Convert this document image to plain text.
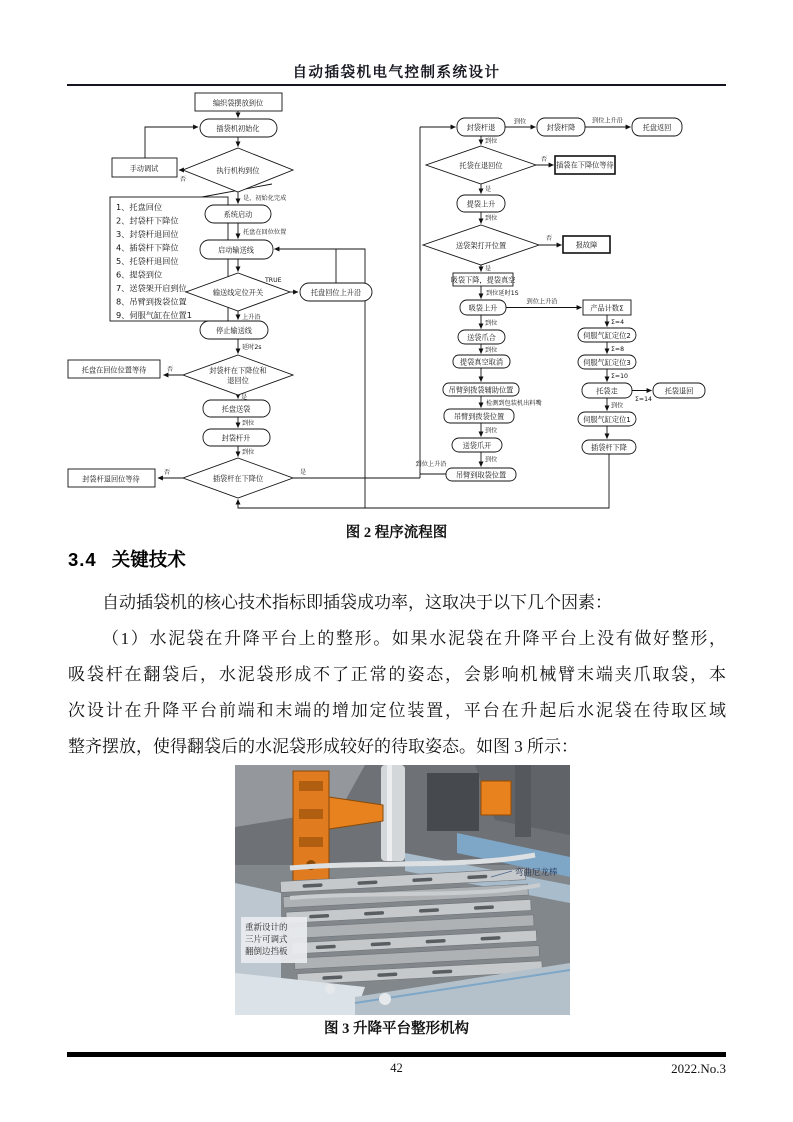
自动插袋机电气控制系统设计
编织袋摆放到位
插袋机初始化
执行机构到位
手动调试
系统启动
启动输送线
输送线定位开关	托盘回位上升沿
停止输送线
封袋杆在下降位和
退回位
托盘在回位位置等待
托盘送袋
封袋杆升
插袋杆在下降位
封袋杆退回位等待
1、托盘回位
2、封袋杆下降位
3、封袋杆退回位
4、插袋杆下降位
5、托袋杆退回位
6、提袋到位
7、送袋架开启到位
8、吊臂到拨袋位置
9、伺服气缸在位置1
封袋杆退	封袋杆降	托盘返回
托袋在退回位	插袋在下降位等待
提袋上升
送袋架打开位置	报故障
吸袋下降，提袋真空
吸袋上升	产品计数Σ
送袋爪合
提袋真空取消
吊臂到拨袋辅助位置
吊臂到拨袋位置
送袋爪开
吊臂到取袋位置
伺服气缸定位2
伺服气缸定位3
托袋走	托袋退回
伺服气缸定位1
插袋杆下降
否
是，初始化完成
托盘在回位位置
TRUE
上升沿
延时2s
否
是
到位
到位
否	是
到位上升沿
到位	到位上升沿
到位
否
是
到位
否
是
到位延时1S
到位上升沿
到位
到位
检测到包装机出料嘴
到位
到位
Σ=4
Σ=8
Σ=10
Σ=14
到位
图 2 程序流程图
3.4 关键技术
自动插袋机的核心技术指标即插袋成功率，这取决于以下几个因素：
（1）水泥袋在升降平台上的整形。如果水泥袋在升降平台上没有做好整形，
吸袋杆在翻袋后，水泥袋形成不了正常的姿态，会影响机械臂末端夹爪取袋，本
次设计在升降平台前端和末端的增加定位装置，平台在升起后水泥袋在待取区域
整齐摆放，使得翻袋后的水泥袋形成较好的待取姿态。如图 3 所示：
重新设计的
三片可调式
翻倒边挡板
弯曲尼龙棒
图 3 升降平台整形机构
42	2022.No.3
